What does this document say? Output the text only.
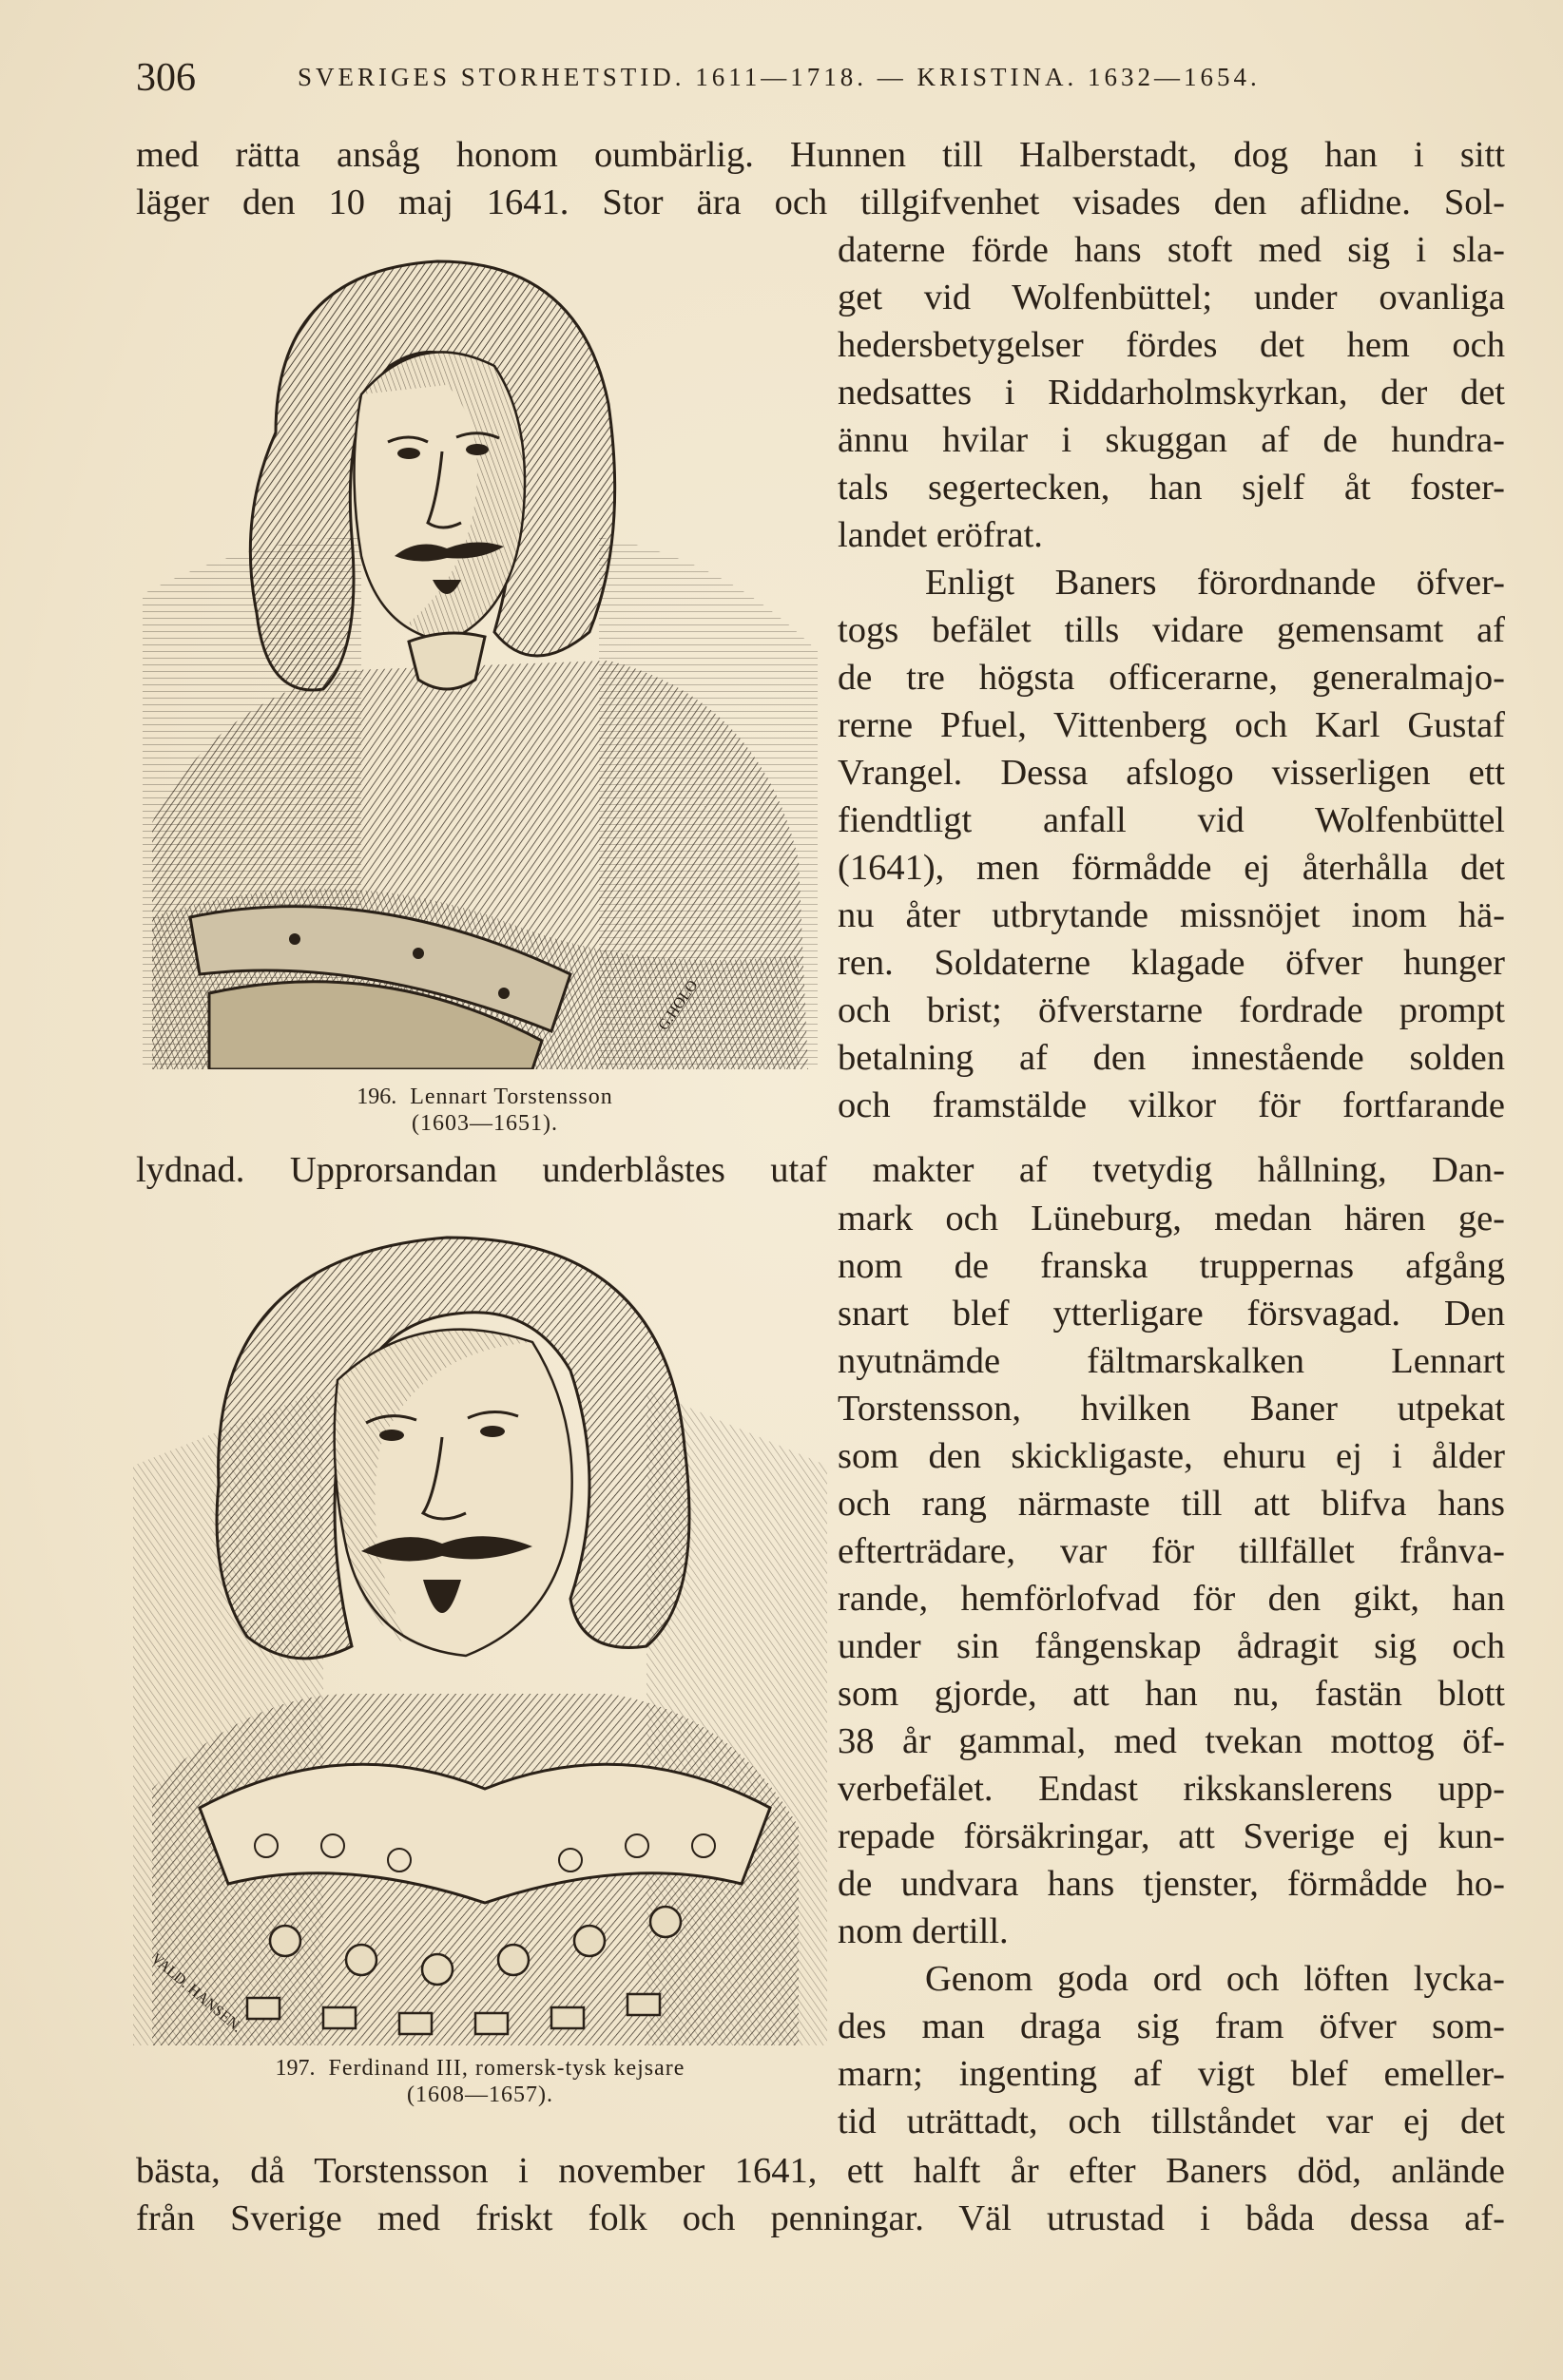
306	SVERIGES STORHETSTID. 1611—1718. — KRISTINA. 1632—1654.
med rätta ansåg honom oumbärlig. Hunnen till Halberstadt, dog han i sitt
läger den 10 maj 1641. Stor ära och tillgifvenhet visades den aflidne. Sol-
daterne förde hans stoft med sig i sla-
get vid Wolfenbüttel; under ovanliga
hedersbetygelser fördes det hem och
nedsattes i Riddarholmskyrkan, der det
ännu hvilar i skuggan af de hundra-
tals segertecken, han sjelf åt foster-
landet eröfrat.
Enligt Baners förordnande öfver-
togs befälet tills vidare gemensamt af
de tre högsta officerarne, generalmajo-
rerne Pfuel, Vittenberg och Karl Gustaf
Vrangel. Dessa afslogo visserligen ett
fiendtligt anfall vid Wolfenbüttel
(1641), men förmådde ej återhålla det
nu åter utbrytande missnöjet inom hä-
ren. Soldaterne klagade öfver hunger
och brist; öfverstarne fordrade prompt
betalning af den innestående solden
och framstälde vilkor för fortfarande
lydnad. Upprorsandan underblåstes utaf makter af tvetydig hållning, Dan-
mark och Lüneburg, medan hären ge-
nom de franska truppernas afgång
snart blef ytterligare försvagad. Den
nyutnämde fältmarskalken Lennart
Torstensson, hvilken Baner utpekat
som den skickligaste, ehuru ej i ålder
och rang närmaste till att blifva hans
efterträdare, var för tillfället frånva-
rande, hemförlofvad för den gikt, han
under sin fångenskap ådragit sig och
som gjorde, att han nu, fastän blott
38 år gammal, med tvekan mottog öf-
verbefälet. Endast rikskanslerens upp-
repade försäkringar, att Sverige ej kun-
de undvara hans tjenster, förmådde ho-
nom dertill.
Genom goda ord och löften lycka-
des man draga sig fram öfver som-
marn; ingenting af vigt blef emeller-
tid uträttadt, och tillståndet var ej det
bästa, då Torstensson i november 1641, ett halft år efter Baners död, anlände
från Sverige med friskt folk och penningar. Väl utrustad i båda dessa af-
G.HOLO
196. Lennart Torstensson
(1603—1651).
VALD. HANSEN.
197. Ferdinand III, romersk-tysk kejsare
(1608—1657).
